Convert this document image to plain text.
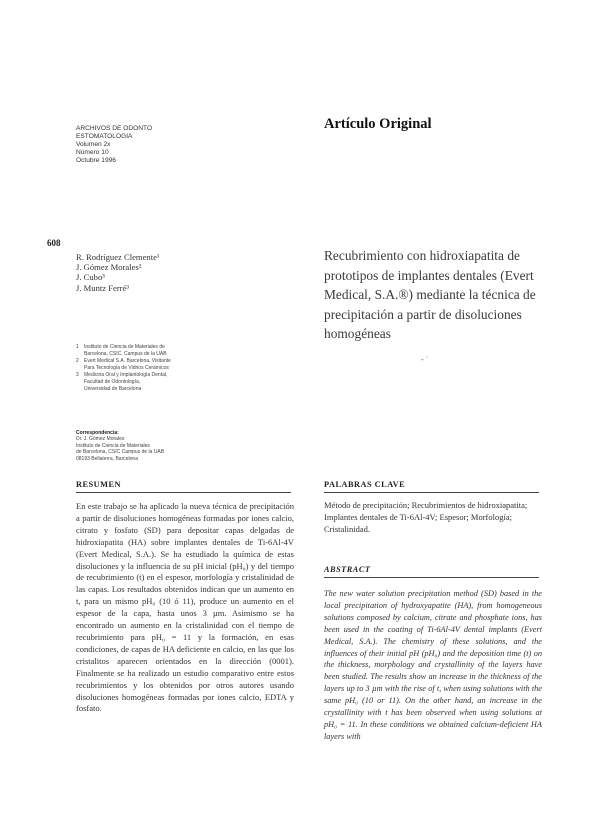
ARCHIVOS DE ODONTO
ESTOMATOLOGIA
Volumen 2x
Número 10
Octubre 1996
Artículo Original
608
R. Rodríguez Clemente¹
J. Gómez Morales²
J. Cubo³
J. Muntz Ferré³
Recubrimiento con hidroxiapatita de prototipos de implantes dentales (Evert Medical, S.A.®) mediante la técnica de precipitación a partir de disoluciones homogéneas
- ˙
1	Instituto de Ciencia de Materiales de
Barcelona, CSIC, Campus de la UAB
2	Evert Medical S.A. Barcelona, Visitante
Para Tecnología de Vidrios Cerámicos
3	Medicina Oral y Implantología Dental,
Facultad de Odontología,
Universidad de Barcelona
Correspondencia:
Dr. J. Gómez Morales
Instituto de Ciencia de Materiales
de Barcelona, CSIC Campus de la UAB
08193 Bellaterra, Barcelona
RESUMEN
En este trabajo se ha aplicado la nueva técnica de precipitación a partir de disoluciones homogéneas formadas por iones calcio, citrato y fosfato (SD) para depositar capas delgadas de hidroxiapatita (HA) sobre implantes dentales de Ti-6Al-4V (Evert Medical, S.A.). Se ha estudiado la química de estas disoluciones y la influencia de su pH inicial (pH₀) y del tiempo de recubrimiento (t) en el espesor, morfología y cristalinidad de las capas. Los resultados obtenidos indican que un aumento en t, para un mismo pH₀ (10 ó 11), produce un aumento en el espesor de la capa, hasta unos 3 µm. Asimismo se ha encontrado un aumento en la cristalinidad con el tiempo de recubrimiento para pH₀ = 11 y la formación, en esas condiciones, de capas de HA deficiente en calcio, en las que los cristalitos aparecen orientados en la dirección (0001). Finalmente se ha realizado un estudio comparativo entre estos recubrimientos y los obtenidos por otros autores usando disoluciones homogéneas formadas por iones calcio, EDTA y fosfato.
PALABRAS CLAVE
Método de precipitación; Recubrimientos de hidroxiapatita; Implantes dentales de Ti-6Al-4V; Espesor; Morfología; Cristalinidad.
ABSTRACT
The new water solution precipitation method (SD) based in the local precipitation of hydroxyapatite (HA), from homogeneous solutions composed by calcium, citrate and phosphate ions, has been used in the coating of Ti-6Al-4V dental implants (Evert Medical, S.A.). The chemistry of these solutions, and the influences of their initial pH (pH₀) and the deposition time (t) on the thickness, morphology and crystallinity of the layers have been studied. The results show an increase in the thickness of the layers up to 3 µm with the rise of t, when using solutions with the same pH₀ (10 or 11). On the other hand, an increase in the crystallinity with t has been observed when using solutions at pH₀ = 11. In these conditions we obtained calcium-deficient HA layers with
